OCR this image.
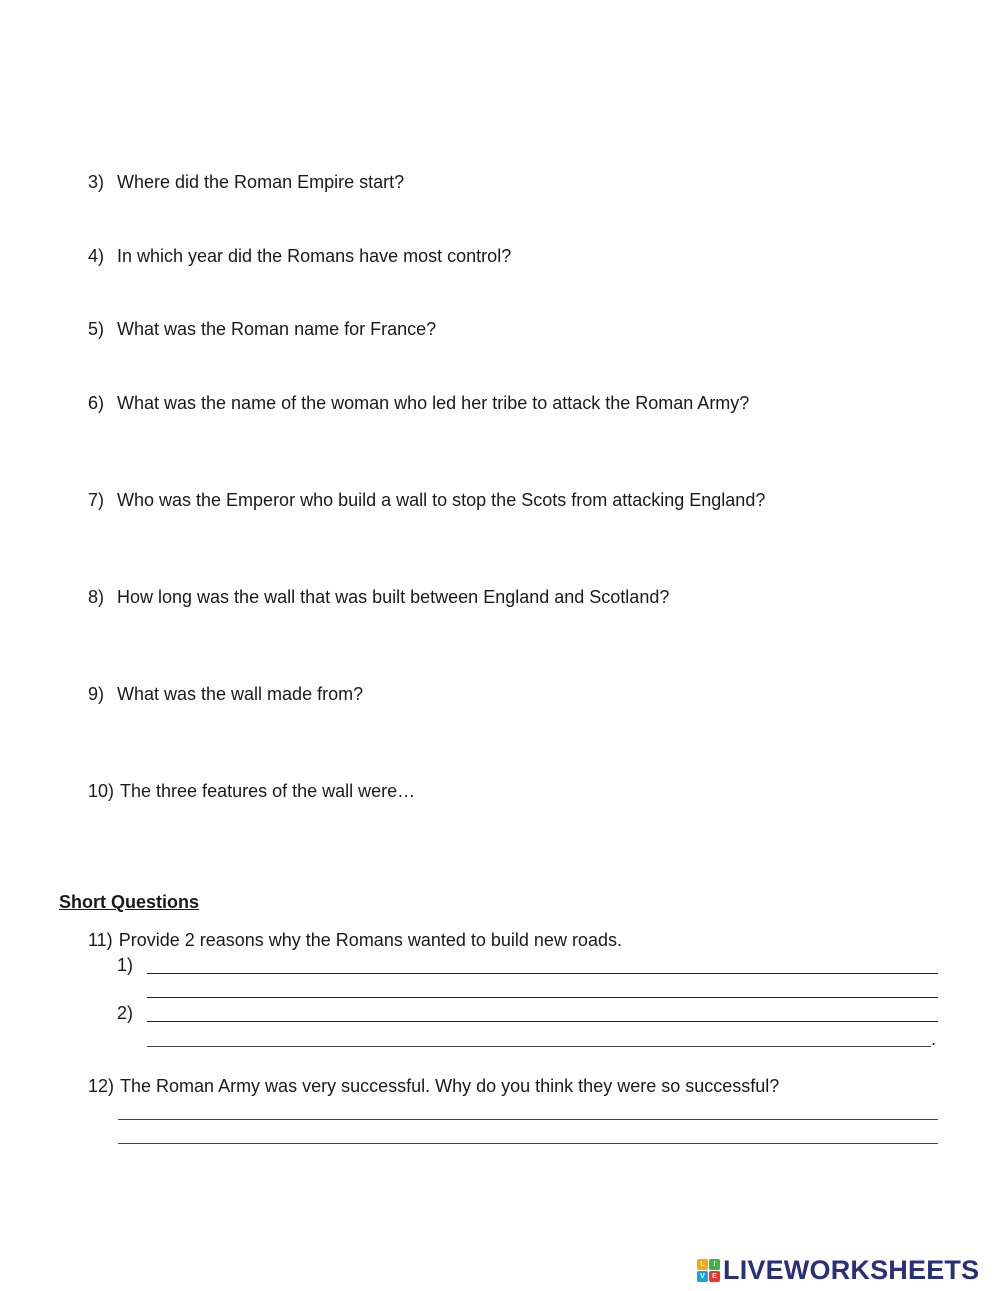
3) Where did the Roman Empire start?
4) In which year did the Romans have most control?
5) What was the Roman name for France?
6) What was the name of the woman who led her tribe to attack the Roman Army?
7) Who was the Emperor who build a wall to stop the Scots from attacking England?
8) How long was the wall that was built between England and Scotland?
9) What was the wall made from?
10) The three features of the wall were…
Short Questions
11) Provide 2 reasons why the Romans wanted to build new roads.
1)
2)
.
12) The Roman Army was very successful. Why do you think they were so successful?
L	I
V	E LIVEWORKSHEETS
